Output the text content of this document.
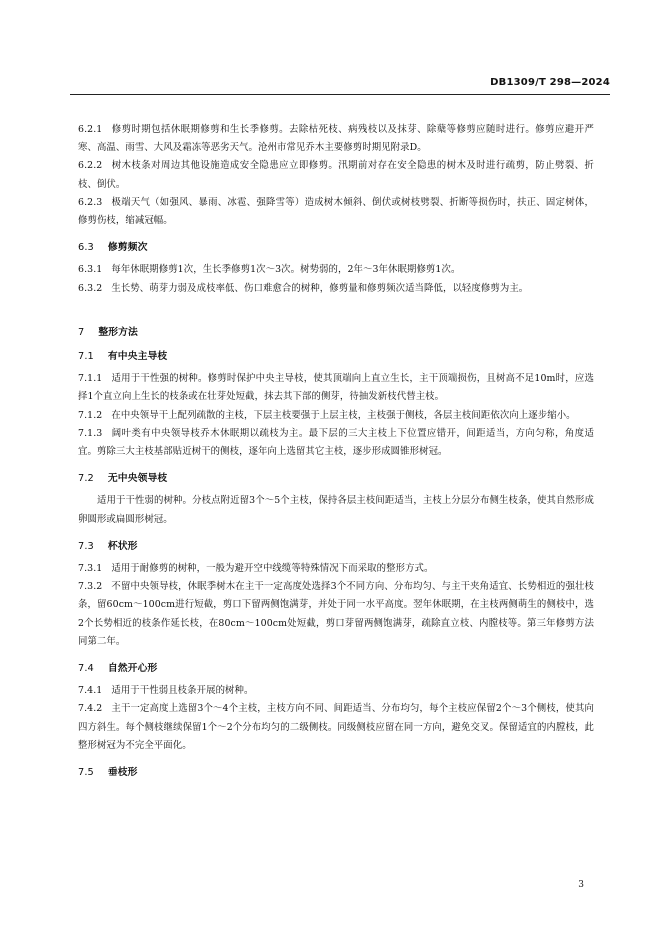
DB1309/T 298—2024

6.2.1 修剪时期包括休眠期修剪和生长季修剪。去除枯死枝、病残枝以及抹芽、除蘖等修剪应随时进行。修剪应避开严寒、高温、雨雪、大风及霜冻等恶劣天气。沧州市常见乔木主要修剪时期见附录D。

6.2.2 树木枝条对周边其他设施造成安全隐患应立即修剪。汛期前对存在安全隐患的树木及时进行疏剪，防止劈裂、折枝、倒伏。

6.2.3 极端天气（如强风、暴雨、冰雹、强降雪等）造成树木倾斜、倒伏或树枝劈裂、折断等损伤时，扶正、固定树体，修剪伤枝，缩减冠幅。

6.3 修剪频次

6.3.1 每年休眠期修剪1次，生长季修剪1次～3次。树势弱的，2年～3年休眠期修剪1次。

6.3.2 生长势、萌芽力弱及成枝率低、伤口难愈合的树种，修剪量和修剪频次适当降低，以轻度修剪为主。

7 整形方法
7.1 有中央主导枝

7.1.1 适用于干性强的树种。修剪时保护中央主导枝，使其顶端向上直立生长，主干顶端损伤，且树高不足10m时，应选择1个直立向上生长的枝条或在壮芽处短截，抹去其下部的侧芽，待抽发新枝代替主枝。

7.1.2 在中央领导干上配列疏散的主枝，下层主枝要强于上层主枝，主枝强于侧枝，各层主枝间距依次向上逐步缩小。

7.1.3 阔叶类有中央领导枝乔木休眠期以疏枝为主。最下层的三大主枝上下位置应错开，间距适当，方向匀称，角度适宜。剪除三大主枝基部贴近树干的侧枝，逐年向上选留其它主枝，逐步形成圆锥形树冠。

7.2 无中央领导枝

适用于干性弱的树种。分枝点附近留3个～5个主枝，保持各层主枝间距适当，主枝上分层分布侧生枝条，使其自然形成卵圆形或扁圆形树冠。

7.3 杯状形

7.3.1 适用于耐修剪的树种，一般为避开空中线缆等特殊情况下而采取的整形方式。

7.3.2 不留中央领导枝，休眠季树木在主干一定高度处选择3个不同方向、分布均匀、与主干夹角适宜、长势相近的强壮枝条，留60cm～100cm进行短截，剪口下留两侧饱满芽，并处于同一水平高度。翌年休眠期，在主枝两侧萌生的侧枝中，选2个长势相近的枝条作延长枝，在80cm～100cm处短截，剪口芽留两侧饱满芽，疏除直立枝、内膛枝等。第三年修剪方法同第二年。

7.4 自然开心形

7.4.1 适用于干性弱且枝条开展的树种。

7.4.2 主干一定高度上选留3个～4个主枝，主枝方向不同、间距适当、分布均匀，每个主枝应保留2个～3个侧枝，使其向四方斜生。每个侧枝继续保留1个～2个分布均匀的二级侧枝。同级侧枝应留在同一方向，避免交叉。保留适宜的内膛枝，此整形树冠为不完全平面化。

7.5 垂枝形
3
